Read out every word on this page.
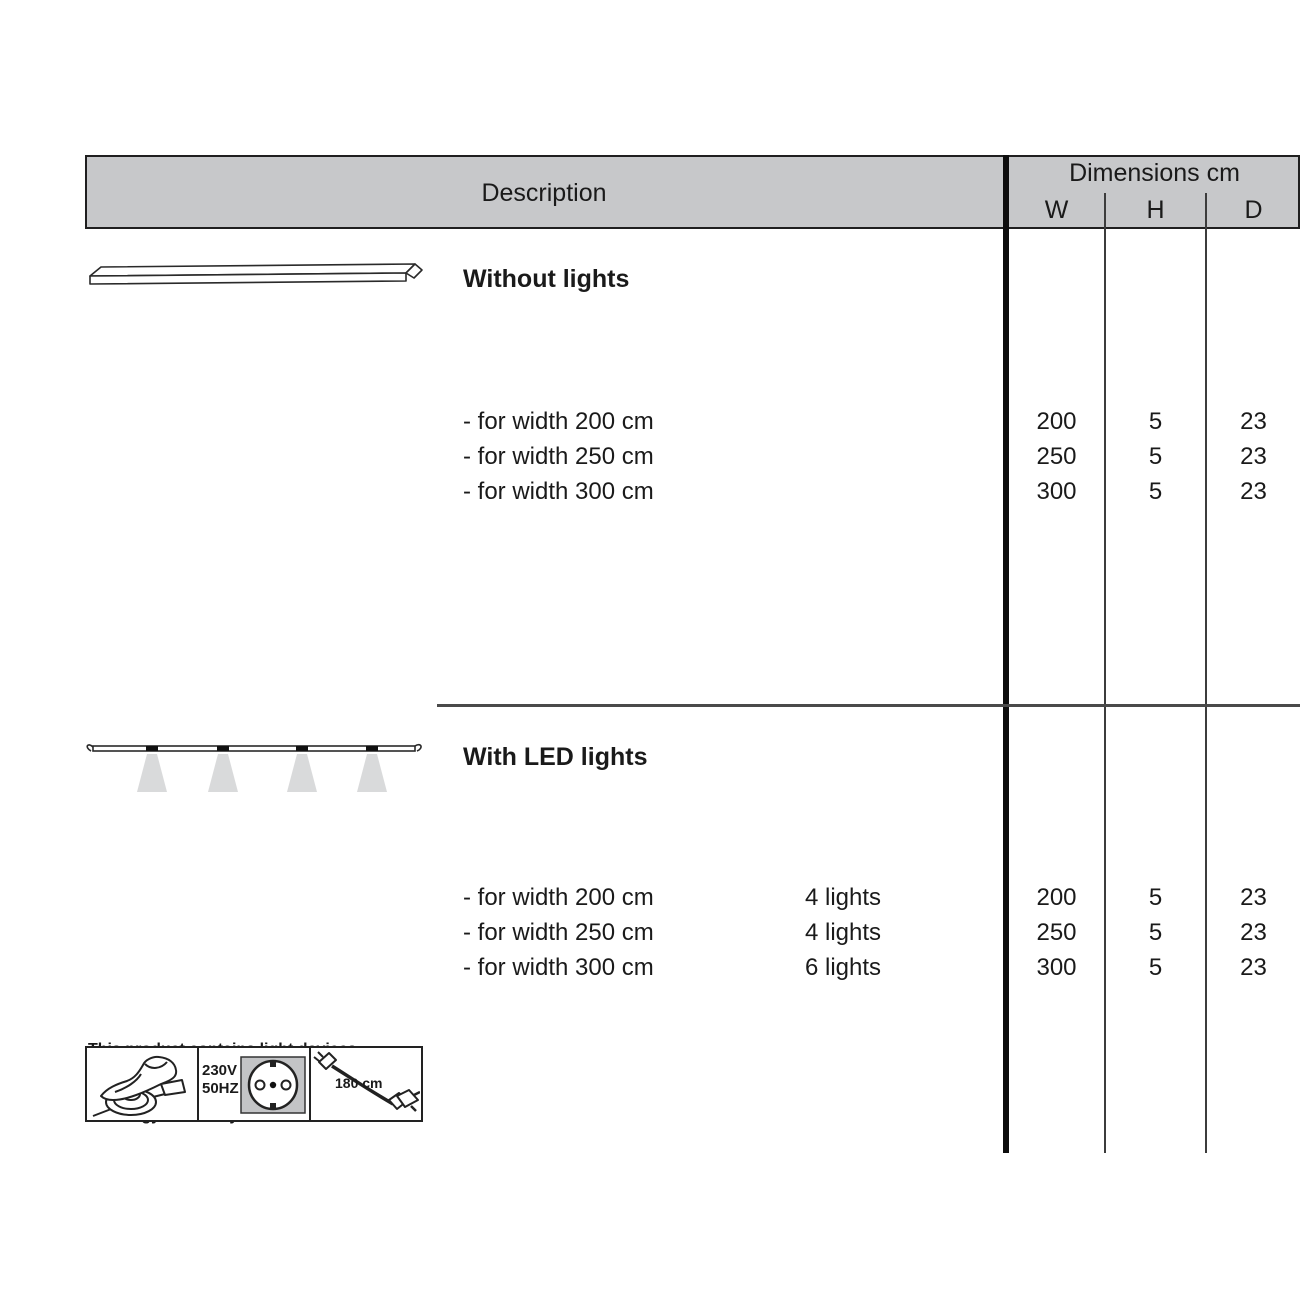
Description
Dimensions cm
W	H	D
Without lights
- for width 200 cm	200	5	23
- for width 250 cm	250	5	23
- for width 300 cm	300	5	23
With LED lights
- for width 200 cm	4 lights	200	5	23
- for width 250 cm	4 lights	250	5	23
- for width 300 cm	6 lights	300	5	23

230V
50HZ	180 cm
